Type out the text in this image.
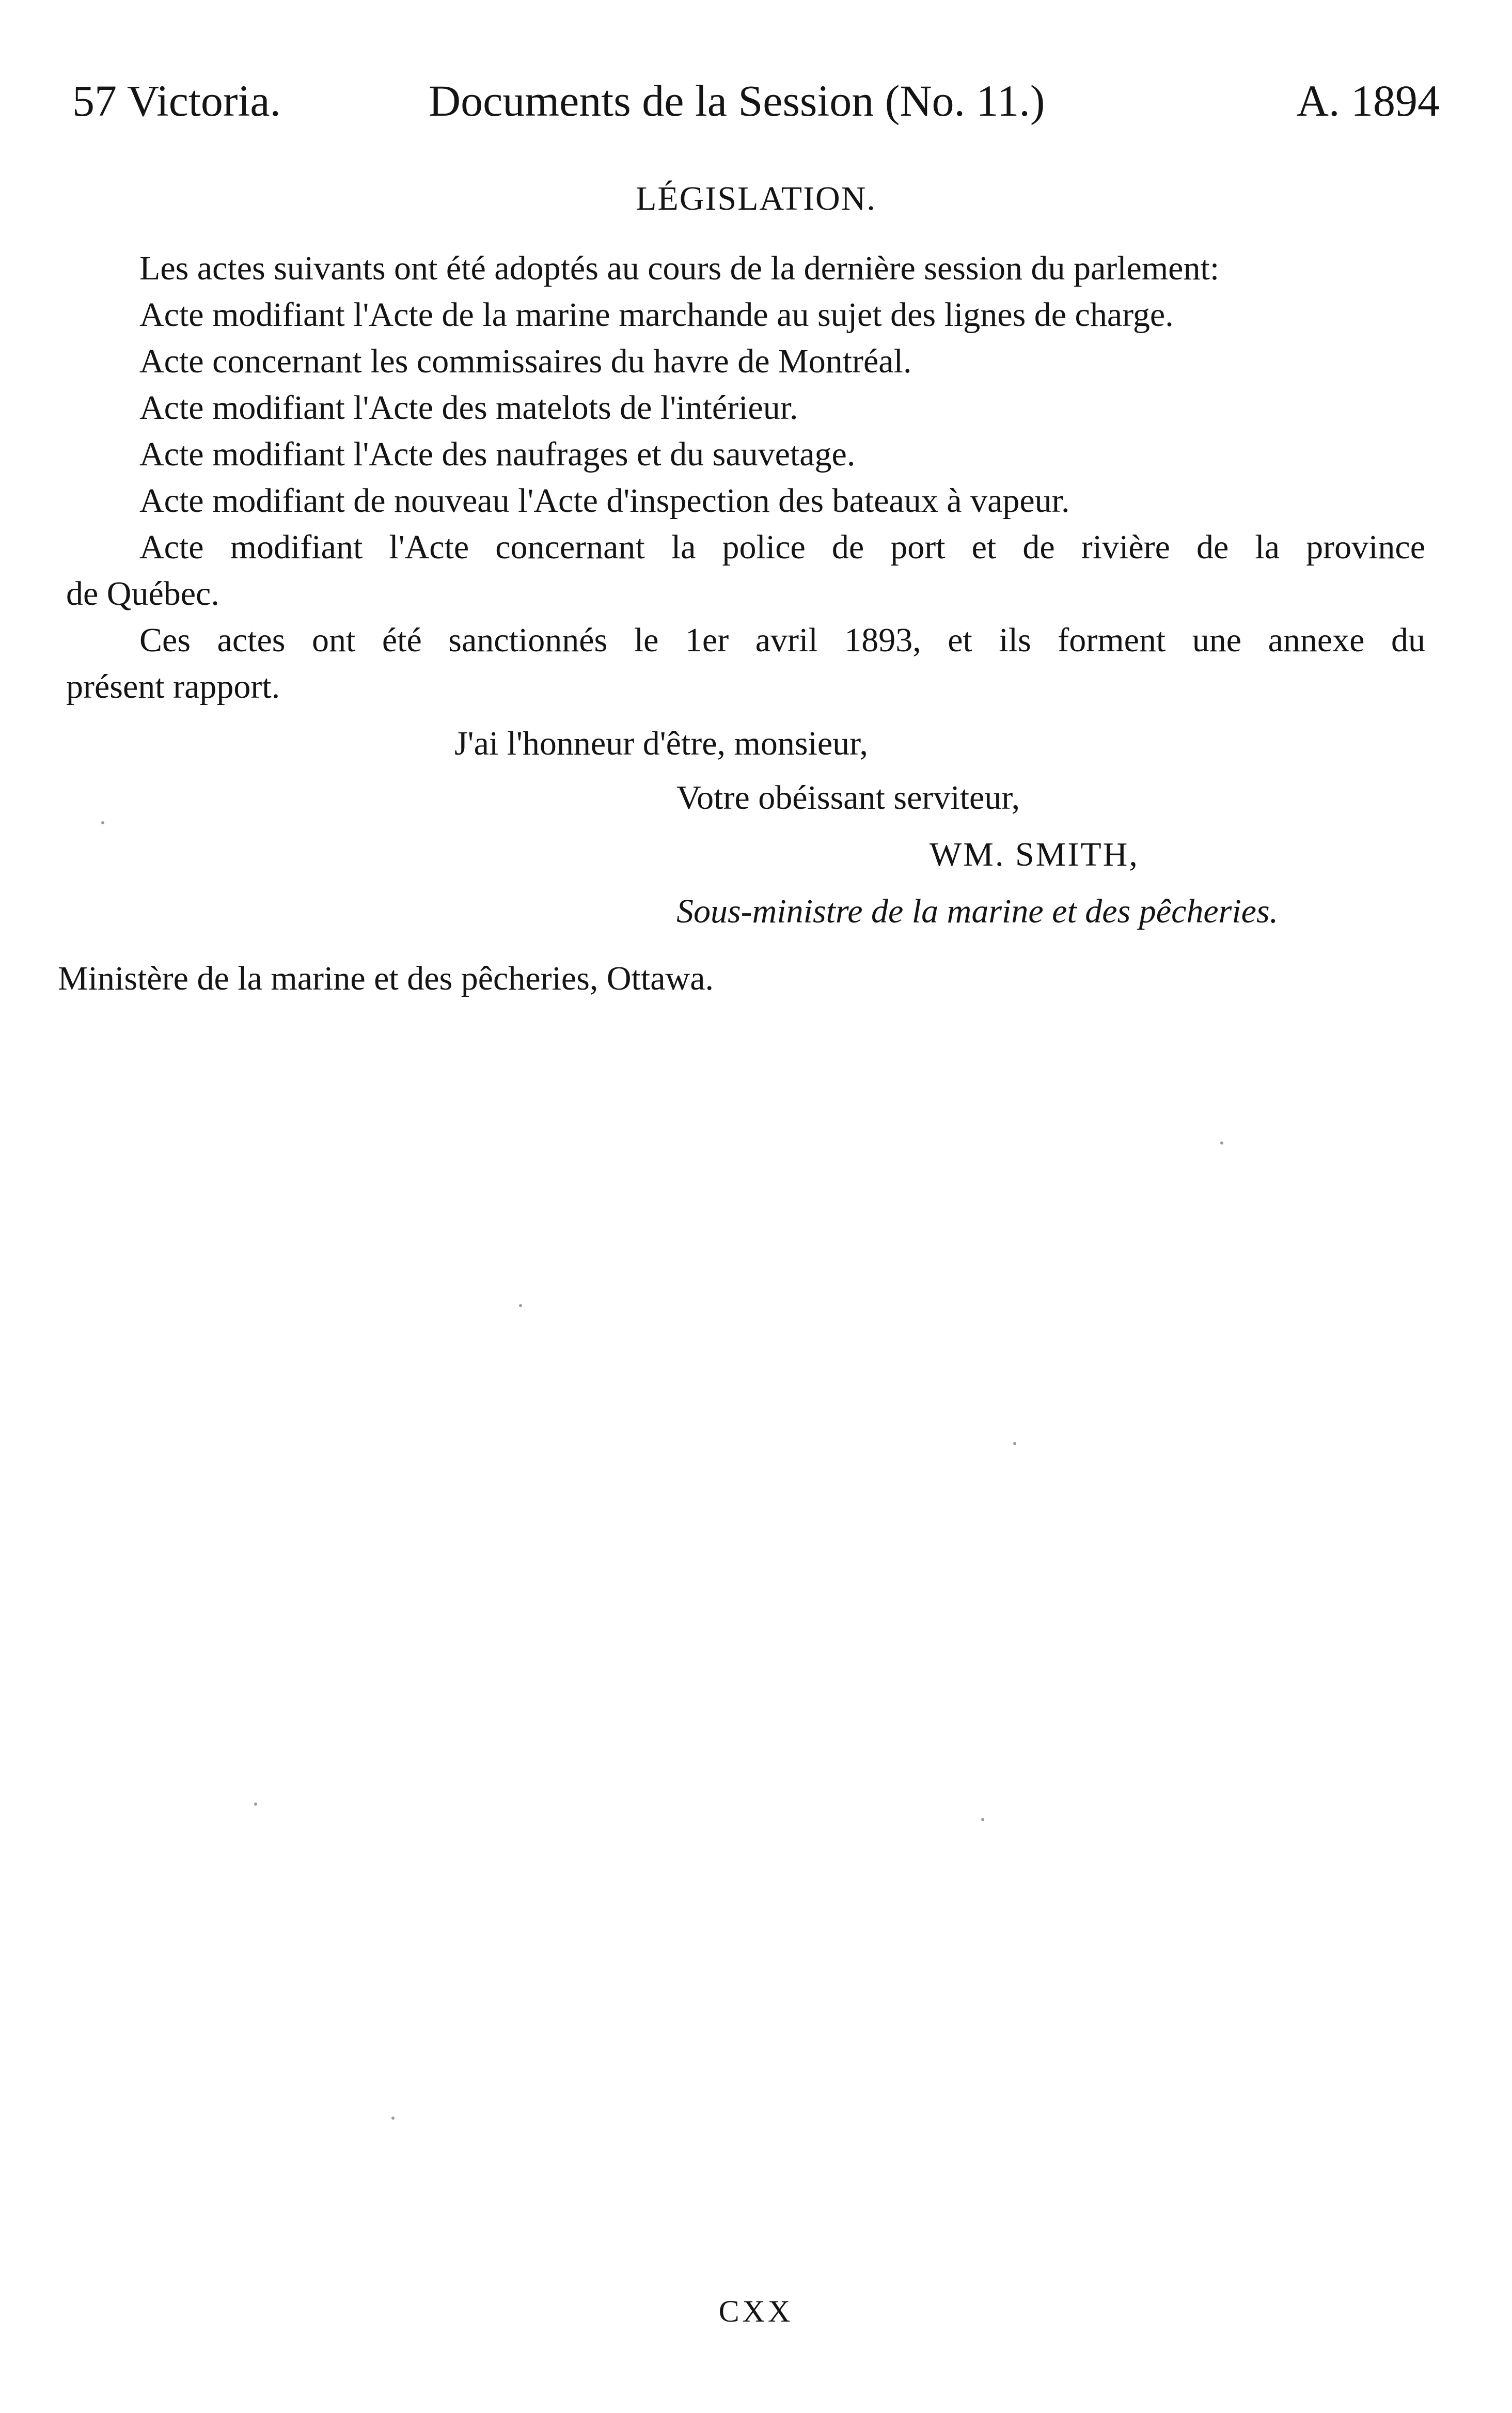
57 Victoria.	Documents de la Session (No. 11.)	A. 1894
LÉGISLATION.
Les actes suivants ont été adoptés au cours de la dernière session du parlement:
Acte modifiant l'Acte de la marine marchande au sujet des lignes de charge.
Acte concernant les commissaires du havre de Montréal.
Acte modifiant l'Acte des matelots de l'intérieur.
Acte modifiant l'Acte des naufrages et du sauvetage.
Acte modifiant de nouveau l'Acte d'inspection des bateaux à vapeur.
Acte modifiant l'Acte concernant la police de port et de rivière de la province
de Québec.
Ces actes ont été sanctionnés le 1er avril 1893, et ils forment une annexe du
présent rapport.
J'ai l'honneur d'être, monsieur,
Votre obéissant serviteur,
WM. SMITH,
Sous-ministre de la marine et des pêcheries.
Ministère de la marine et des pêcheries, Ottawa.
CXX
